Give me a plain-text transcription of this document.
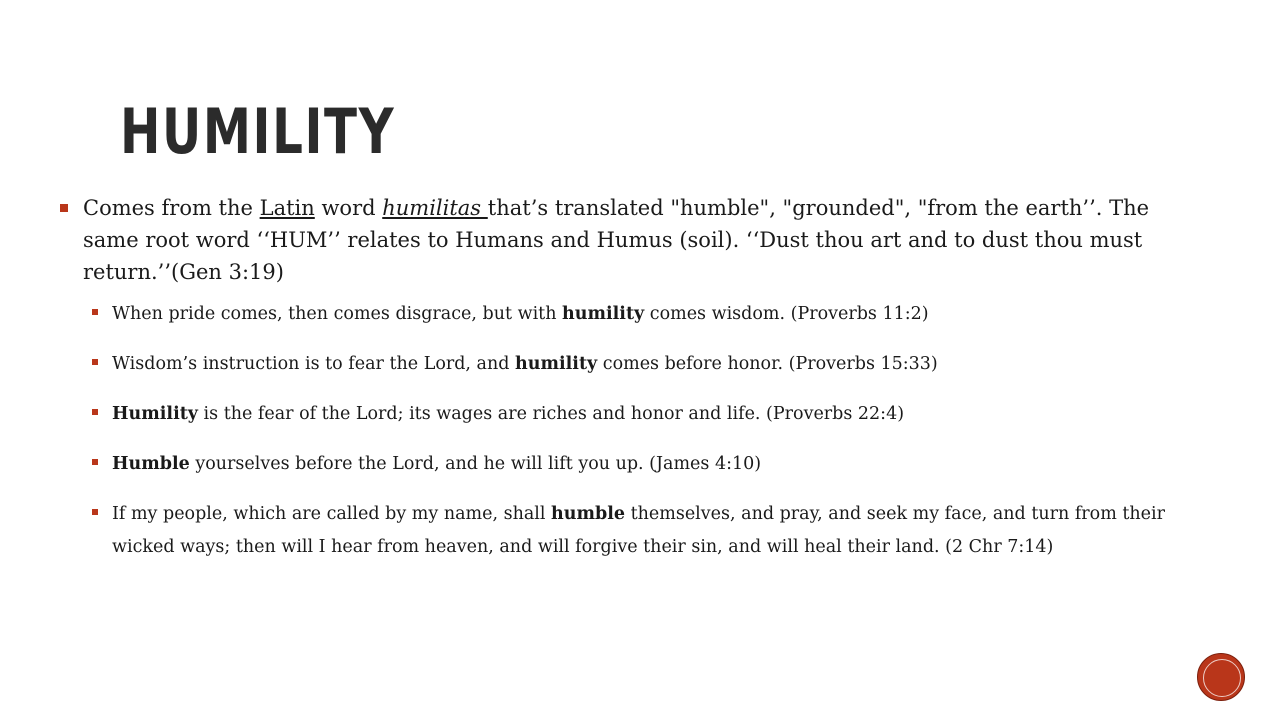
HUMILITY
Comes from the Latin word humilitas that’s translated "humble", "grounded", "from the earth’’. The same root word ‘‘HUM’’ relates to Humans and Humus (soil). ‘‘Dust thou art and to dust thou must return.’’(Gen 3:19)
When pride comes, then comes disgrace, but with humility comes wisdom. (Proverbs 11:2)
Wisdom’s instruction is to fear the Lord, and humility comes before honor. (Proverbs 15:33)
Humility is the fear of the Lord; its wages are riches and honor and life. (Proverbs 22:4)
Humble yourselves before the Lord, and he will lift you up. (James 4:10)
If my people, which are called by my name, shall humble themselves, and pray, and seek my face, and turn from their wicked ways; then will I hear from heaven, and will forgive their sin, and will heal their land. (2 Chr 7:14)
